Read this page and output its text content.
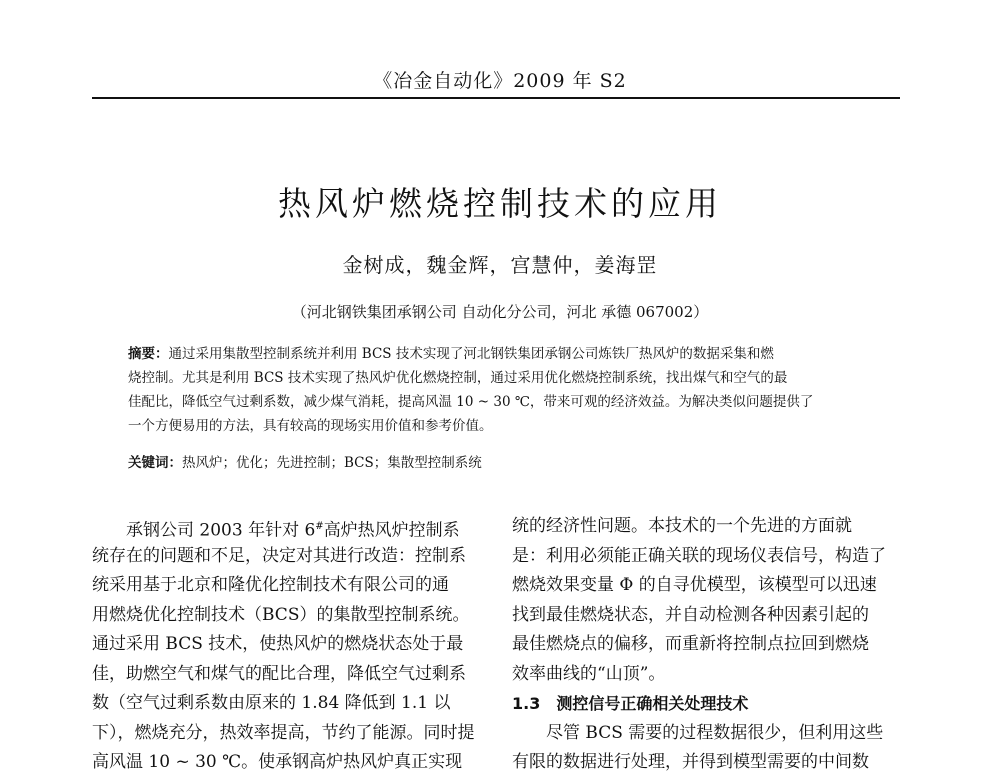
《冶金自动化》2009 年 S2
热风炉燃烧控制技术的应用
金树成，魏金辉，宫慧仲，姜海罡
（河北钢铁集团承钢公司 自动化分公司，河北 承德 067002）
摘要：通过采用集散型控制系统并利用 BCS 技术实现了河北钢铁集团承钢公司炼铁厂热风炉的数据采集和燃
烧控制。尤其是利用 BCS 技术实现了热风炉优化燃烧控制，通过采用优化燃烧控制系统，找出煤气和空气的最
佳配比，降低空气过剩系数，减少煤气消耗，提高风温 10 ~ 30 ℃，带来可观的经济效益。为解决类似问题提供了
一个方便易用的方法，具有较高的现场实用价值和参考价值。
关键词：热风炉；优化；先进控制；BCS；集散型控制系统
承钢公司 2003 年针对 6#高炉热风炉控制系
统存在的问题和不足，决定对其进行改造：控制系
统采用基于北京和隆优化控制技术有限公司的通
用燃烧优化控制技术（BCS）的集散型控制系统。
通过采用 BCS 技术，使热风炉的燃烧状态处于最
佳，助燃空气和煤气的配比合理，降低空气过剩系
数（空气过剩系数由原来的 1.84 降低到 1.1 以
下），燃烧充分，热效率提高，节约了能源。同时提
高风温 10 ~ 30 ℃。使承钢高炉热风炉真正实现
统的经济性问题。本技术的一个先进的方面就
是：利用必须能正确关联的现场仪表信号，构造了
燃烧效果变量 Φ 的自寻优模型，该模型可以迅速
找到最佳燃烧状态，并自动检测各种因素引起的
最佳燃烧点的偏移，而重新将控制点拉回到燃烧
效率曲线的“山顶”。
1.3　测控信号正确相关处理技术
尽管 BCS 需要的过程数据很少，但利用这些
有限的数据进行处理，并得到模型需要的中间数
